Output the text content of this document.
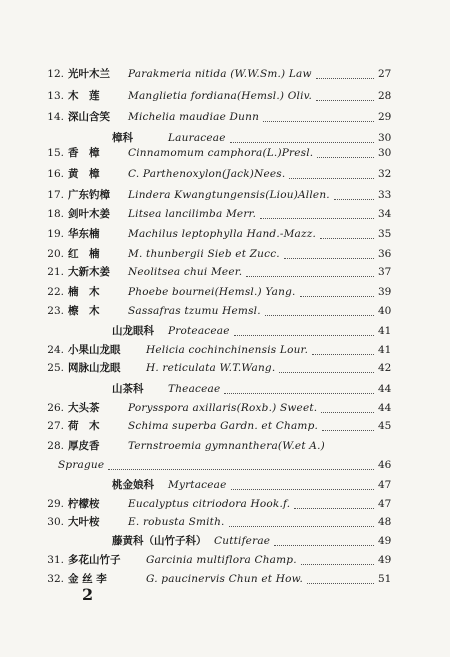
12. 光叶木兰 Parakmeria nitida (W.W.Sm.) Law	27
13. 木　莲	Manglietia fordiana(Hemsl.) Oliv.	28
14. 深山含笑 Michelia maudiae Dunn	29
樟科	Lauraceae	30
15. 香　樟	Cinnamomum camphora(L.)Presl.	30
16. 黄　樟	C. Parthenoxylon(Jack)Nees.	32
17. 广东钓樟 Lindera Kwangtungensis(Liou)Allen.	33
18. 剑叶木姜 Litsea lancilimba Merr.	34
19. 华东楠	Machilus leptophylla Hand.-Mazz.	35
20. 红　楠	M. thunbergii Sieb et Zucc.	36
21. 大新木姜 Neolitsea chui Meer.	37
22. 楠　木	Phoebe bournei(Hemsl.) Yang.	39
23. 檫　木	Sassafras tzumu Hemsl.	40
山龙眼科 Proteaceae	41
24. 小果山龙眼 Helicia cochinchinensis Lour.	41
25. 网脉山龙眼 H. reticulata W.T.Wang.	42
山茶科 Theaceae	44
26. 大头茶	Porysspora axillaris(Roxb.) Sweet.	44
27. 荷　木	Schima superba Gardn. et Champ.	45
28. 厚皮香	Ternstroemia gymnanthera(W.et A.)
Sprague	46
桃金娘科 Myrtaceae	47
29. 柠檬桉	Eucalyptus citriodora Hook.f.	47
30. 大叶桉	E. robusta Smith.	48
藤黄科（山竹子科） Cuttiferae	49
31. 多花山竹子 Garcinia multiflora Champ.	49
32. 金 丝 李	G. paucinervis Chun et How.	51
2
